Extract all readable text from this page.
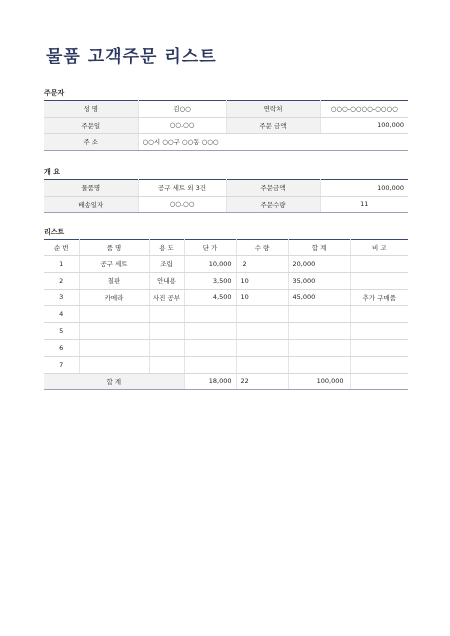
물품 고객주문 리스트
주문자
성 명	김○○	연락처	○○○-○○○○-○○○○
주문일	○○.○○	주문 금액	100,000
주 소	○○시 ○○구 ○○동 ○○○		
개 요
물품명	공구 세트 외 3건	주문금액	100,000
배송일자	○○.○○	주문수량	11
리스트
순 번	품 명	용 도	단 가	수 량	합 계	비 고
1	공구 세트	조립	10,000	2	20,000	
2	칠판	안내용	3,500	10	35,000	
3	카메라	사진 공부	4,500	10	45,000	추가 구매품
4						
5						
6						
7						
합 계			18,000	22	100,000	
